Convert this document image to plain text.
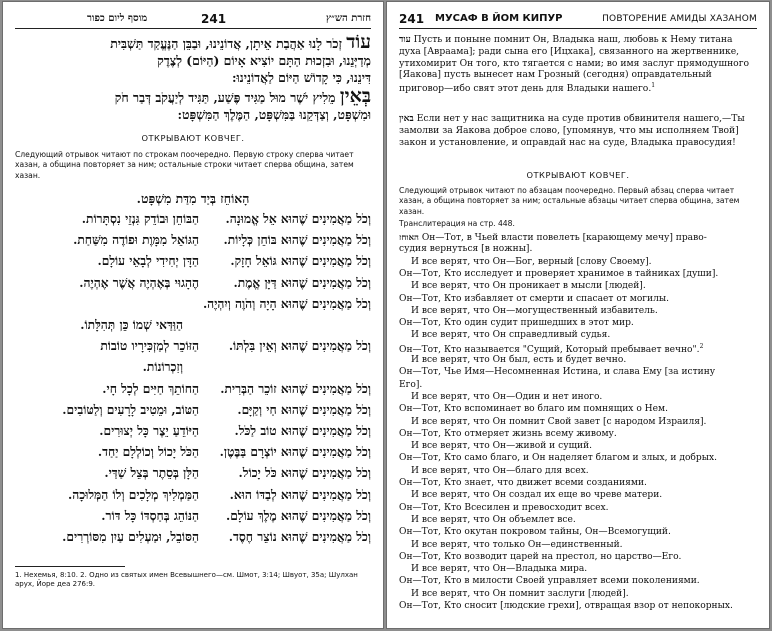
241
מוסף ליום כפור	חזרת הש״ץ
עוֹד זְכֹר לָנוּ אַהֲבַת אֵיתָן, אֲדוֹנֵינוּ, וּבַבֵּן הַנֶּעֱקַד תַּשְׁבִּית
מְדַיְּנֵנוּ, וּבִזְכוּת הַתָּם יוֹצִיא אָיוֹם (הַיּוֹם) לְצֶדֶק
דִּינֵנוּ, כִּי קָדוֹשׁ הַיּוֹם לַאֲדוֹנֵינוּ:
בְּאֵין מֵלִיץ יֹשֶׁר מוּל מַגִּיד פֶּשַׁע, תַּגִּיד לְיַעֲקֹב דְּבַר חֹק
וּמִשְׁפָּט, וְצַדְּקֵנוּ בַּמִּשְׁפָּט, הַמֶּלֶךְ הַמִּשְׁפָּט:
ОТКРЫВАЮТ КОВЧЕГ.
Следующий отрывок читают по строкам поочередно. Первую строку сперва читает хазан, а община повторяет за ним; остальные строки читает сперва община, затем хазан.
הָאוֹחֵז בְּיַד מִדַּת מִשְׁפָּט.
וְכֹל מַאֲמִינִים שֶׁהוּא אֵל אֱמוּנָה.
הַבּוֹחֵן וּבוֹדֵק גִּנְזֵי נִסְתָּרוֹת.
וְכֹל מַאֲמִינִים שֶׁהוּא בּוֹחֵן כְּלָיוֹת.
הַגּוֹאֵל מִמָּוֶת וּפוֹדֶה מִשַּׁחַת.
וְכֹל מַאֲמִינִים שֶׁהוּא גּוֹאֵל חָזָק.
הַדָּן יְחִידִי לְבָאֵי עוֹלָם.
וְכֹל מַאֲמִינִים שֶׁהוּא דַּיָּן אֱמֶת.
הֶהָגוּי בְּאֶהְיֶה אֲשֶׁר אֶהְיֶה.
וְכֹל מַאֲמִינִים שֶׁהוּא הָיָה וְהֹוֶה וְיִהְיֶה.
הַוַּדַּאי שְׁמוֹ כֵּן תְּהִלָּתוֹ.
וְכֹל מַאֲמִינִים שֶׁהוּא וְאֵין בִּלְתּוֹ.
הַזּוֹכֵר לְמַזְכִּירָיו טוֹבוֹת
וְזִכְרוֹנוֹת.
וְכֹל מַאֲמִינִים שֶׁהוּא זוֹכֵר הַבְּרִית.
הַחוֹתֵךְ חַיִּים לְכָל חָי.
וְכֹל מַאֲמִינִים שֶׁהוּא חַי וְקַיָּם.
הַטּוֹב, וּמֵטִיב לָרָעִים וְלַטּוֹבִים.
וְכֹל מַאֲמִינִים שֶׁהוּא טוֹב לַכֹּל.
הַיּוֹדֵעַ יֵצֶר כָּל יְצוּרִים.
וְכֹל מַאֲמִינִים שֶׁהוּא יוֹצְרָם בַּבֶּטֶן.
הַכֹּל יָכוֹל וְכוֹלְלָם יַחַד.
וְכֹל מַאֲמִינִים שֶׁהוּא כֹּל יָכוֹל.
הַלָּן בְּסֵתֶר בְּצֵל שַׁדַּי.
וְכֹל מַאֲמִינִים שֶׁהוּא לְבַדּוֹ הוּא.
הַמַּמְלִיךְ מְלָכִים וְלוֹ הַמְּלוּכָה.
וְכֹל מַאֲמִינִים שֶׁהוּא מֶלֶךְ עוֹלָם.
הַנּוֹהֵג בְּחַסְדּוֹ כָּל דּוֹר.
וְכֹל מַאֲמִינִים שֶׁהוּא נוֹצֵר חֶסֶד.
הַסּוֹבֵל, וּמַעְלִים עַיִן מִסּוֹרְרִים.
1. Нехемья, 8:10. 2. Одно из святых имен Всевышнего—см. Шмот, 3:14; Швуот, 35а; Шулхан арух, Йоре деа 276:9.
241 МУСАФ В ЙОМ КИПУР	ПОВТОРЕНИЕ АМИДЫ ХАЗАНОМ
עוד Пусть и поныне помнит Он, Владыка наш, любовь к Нему титана духа [Авраама]; ради сына его [Ицхака], связанного на жертвеннике, утихомирит Он того, кто тягается с нами; во имя заслуг прямодушного [Яакова] пусть вынесет нам Грозный (сегодня) оправдательный приговор—ибо свят этот день для Владыки нашего.$^1$
באין Если нет у нас защитника на суде против обвинителя нашего,—Ты замолви за Яакова доброе слово, [упомянув, что мы исполняем Твой] закон и установление, и оправдай нас на суде, Владыка правосудия!
ОТКРЫВАЮТ КОВЧЕГ.
Следующий отрывок читают по абзацам поочередно. Первый абзац сперва читает хазан, а община повторяет за ним; остальные абзацы читает сперва община, затем хазан.
Транслитерация на стр. 448.
האוחז Он—Тот, в Чьей власти повелеть [карающему мечу] право-
судия вернуться [в ножны].
И все верят, что Он—Бог, верный [слову Своему].
Он—Тот, Кто исследует и проверяет хранимое в тайниках [души].
И все верят, что Он проникает в мысли [людей].
Он—Тот, Кто избавляет от смерти и спасает от могилы.
И все верят, что Он—могущественный избавитель.
Он—Тот, Кто один судит пришедших в этот мир.
И все верят, что Он справедливый судья.
Он—Тот, Кто называется "Сущий, Который пребывает вечно".$^2$
И все верят, что Он был, есть и будет вечно.
Он—Тот, Чье Имя—Несомненная Истина, и слава Ему [за истину
Его].
И все верят, что Он—Один и нет иного.
Он—Тот, Кто вспоминает во благо им помнящих о Нем.
И все верят, что Он помнит Свой завет [с народом Израиля].
Он—Тот, Кто отмеряет жизнь всему живому.
И все верят, что Он—живой и сущий.
Он—Тот, Кто само благо, и Он наделяет благом и злых, и добрых.
И все верят, что Он—благо для всех.
Он—Тот, Кто знает, что движет всеми созданиями.
И все верят, что Он создал их еще во чреве матери.
Он—Тот, Кто Всесилен и превосходит всех.
И все верят, что Он объемлет все.
Он—Тот, Кто окутан покровом тайны, Он—Всемогущий.
И все верят, что только Он—единственный.
Он—Тот, Кто возводит царей на престол, но царство—Его.
И все верят, что Он—Владыка мира.
Он—Тот, Кто в милости Своей управляет всеми поколениями.
И все верят, что Он помнит заслуги [людей].
Он—Тот, Кто сносит [людские грехи], отвращая взор от непокорных.
